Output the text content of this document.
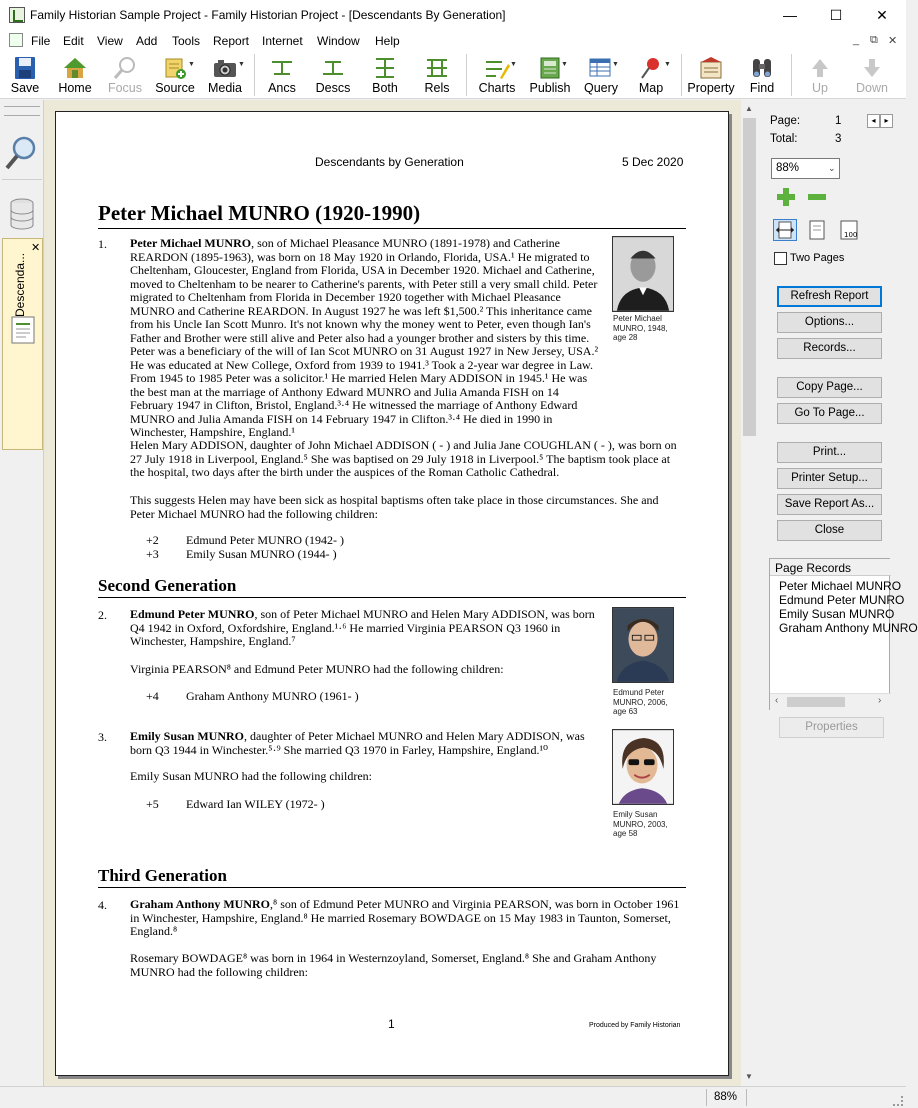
Family Historian Sample Project - Family Historian Project - [Descendants By Generation]	—	☐	✕
File Edit View Add Tools Report Internet Window Help	_ ⧉ ✕
Save	Home	Focus
▼
Source
▼
Media	Ancs	Descs	Both	Rels
▼
Charts
▼
Publish
▼
Query
▼
Map	Property	Find	Up	Down
✕
Descenda...
Descendants by Generation	5 Dec 2020
Peter Michael MUNRO (1920-1990)
1. Peter Michael MUNRO, son of Michael Pleasance MUNRO (1891-1978) and Catherine REARDON (1895-1963), was born on 18 May 1920 in Orlando, Florida, USA.¹ He migrated to Cheltenham, Gloucester, England from Florida, USA in December 1920. Michael and Catherine, moved to Cheltenham to be nearer to Catherine's parents, with Peter still a very small child. Peter migrated to Cheltenham from Florida in December 1920 together with Michael Pleasance MUNRO and Catherine REARDON. In August 1927 he was left $1,500.² This inheritance came from his Uncle Ian Scott Munro. It's not known why the money went to Peter, even though Ian's Father and Brother were still alive and Peter also had a younger brother and sisters by this time. Peter was a beneficiary of the will of Ian Scot MUNRO on 31 August 1927 in New Jersey, USA.² He was educated at New College, Oxford from 1939 to 1941.³ Took a 2-year war degree in Law. From 1945 to 1985 Peter was a solicitor.¹ He married Helen Mary ADDISON in 1945.¹ He was the best man at the marriage of Anthony Edward MUNRO and Julia Amanda FISH on 14 February 1947 in Clifton, Bristol, England.³·⁴ He witnessed the marriage of Anthony Edward MUNRO and Julia Amanda FISH on 14 February 1947 in Clifton.³·⁴ He died in 1990 in Winchester, Hampshire, England.¹
Peter Michael MUNRO, 1948, age 28
Helen Mary ADDISON, daughter of John Michael ADDISON ( - ) and Julia Jane COUGHLAN ( - ), was born on 27 July 1918 in Liverpool, England.⁵ She was baptised on 29 July 1918 in Liverpool.⁵ The baptism took place at the hospital, two days after the birth under the auspices of the Roman Catholic Cathedral.
This suggests Helen may have been sick as hospital baptisms often take place in those circumstances. She and Peter Michael MUNRO had the following children:
+2 Edmund Peter MUNRO (1942- )
+3 Emily Susan MUNRO (1944- )
Second Generation
2. Edmund Peter MUNRO, son of Peter Michael MUNRO and Helen Mary ADDISON, was born Q4 1942 in Oxford, Oxfordshire, England.¹·⁶ He married Virginia PEARSON Q3 1960 in Winchester, Hampshire, England.⁷
Virginia PEARSON⁸ and Edmund Peter MUNRO had the following children:
+4 Graham Anthony MUNRO (1961- )	Edmund Peter MUNRO, 2006, age 63
3. Emily Susan MUNRO, daughter of Peter Michael MUNRO and Helen Mary ADDISON, was born Q3 1944 in Winchester.⁵·⁹ She married Q3 1970 in Farley, Hampshire, England.¹⁰
Emily Susan MUNRO had the following children:
+5 Edward Ian WILEY (1972- )
Emily Susan MUNRO, 2003, age 58
Third Generation
4. Graham Anthony MUNRO,⁸ son of Edmund Peter MUNRO and Virginia PEARSON, was born in October 1961 in Winchester, Hampshire, England.⁸ He married Rosemary BOWDAGE on 15 May 1983 in Taunton, Somerset, England.⁸
Rosemary BOWDAGE⁸ was born in 1964 in Westernzoyland, Somerset, England.⁸ She and Graham Anthony MUNRO had the following children:
1	Produced by Family Historian
▲
▼
Page:	1	◂	▸
Total:	3
88%	⌄
100
Two Pages
Refresh Report
Options...
Records...
Copy Page...
Go To Page...
Print...
Printer Setup...
Save Report As...
Close
Page Records
Peter Michael MUNRO
Edmund Peter MUNRO
Emily Susan MUNRO
Graham Anthony MUNRO
‹	›
Properties
88%
